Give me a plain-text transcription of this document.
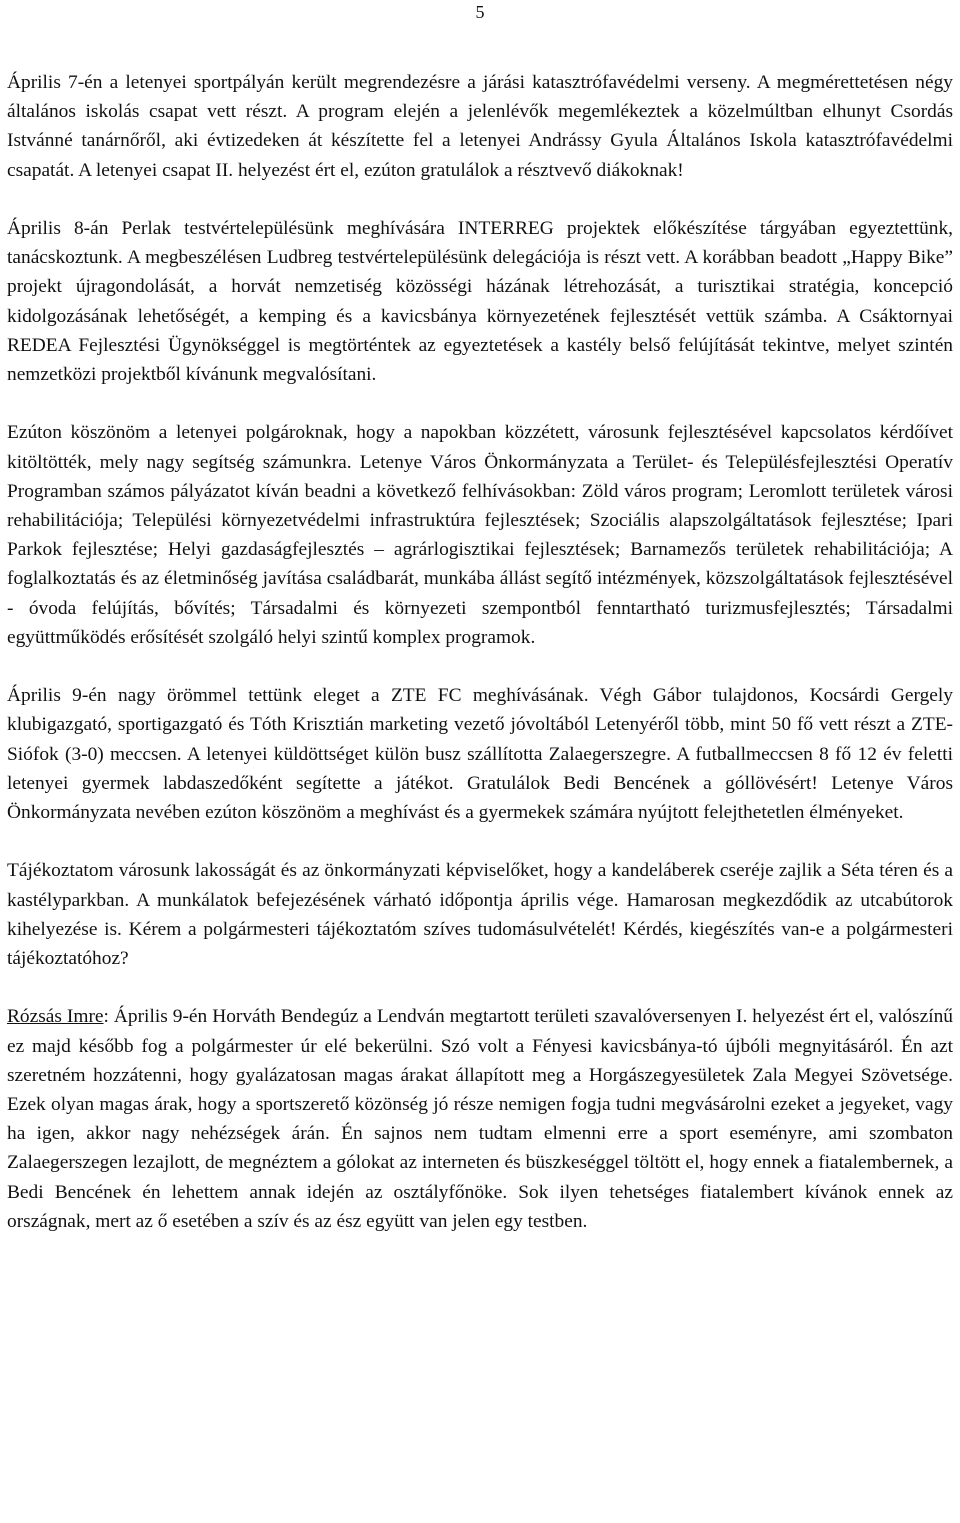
5

Április 7-én a letenyei sportpályán került megrendezésre a járási katasztrófavédelmi verseny. A megmérettetésen négy általános iskolás csapat vett részt. A program elején a jelenlévők megemlékeztek a közelmúltban elhunyt Csordás Istvánné tanárnőről, aki évtizedeken át készítette fel a letenyei Andrássy Gyula Általános Iskola katasztrófavédelmi csapatát. A letenyei csapat II. helyezést ért el, ezúton gratulálok a résztvevő diákoknak!

Április 8-án Perlak testvértelepülésünk meghívására INTERREG projektek előkészítése tárgyában egyeztettünk, tanácskoztunk. A megbeszélésen Ludbreg testvértelepülésünk delegációja is részt vett. A korábban beadott „Happy Bike” projekt újragondolását, a horvát nemzetiség közösségi házának létrehozását, a turisztikai stratégia, koncepció kidolgozásának lehetőségét, a kemping és a kavicsbánya környezetének fejlesztését vettük számba. A Csáktornyai REDEA Fejlesztési Ügynökséggel is megtörténtek az egyeztetések a kastély belső felújítását tekintve, melyet szintén nemzetközi projektből kívánunk megvalósítani.

Ezúton köszönöm a letenyei polgároknak, hogy a napokban közzétett, városunk fejlesztésével kapcsolatos kérdőívet kitöltötték, mely nagy segítség számunkra. Letenye Város Önkormányzata a Terület- és Településfejlesztési Operatív Programban számos pályázatot kíván beadni a következő felhívásokban: Zöld város program; Leromlott területek városi rehabilitációja; Települési környezetvédelmi infrastruktúra fejlesztések; Szociális alapszolgáltatások fejlesztése; Ipari Parkok fejlesztése; Helyi gazdaságfejlesztés – agrárlogisztikai fejlesztések; Barnamezős területek rehabilitációja; A foglalkoztatás és az életminőség javítása családbarát, munkába állást segítő intézmények, közszolgáltatások fejlesztésével - óvoda felújítás, bővítés; Társadalmi és környezeti szempontból fenntartható turizmusfejlesztés; Társadalmi együttműködés erősítését szolgáló helyi szintű komplex programok.

Április 9-én nagy örömmel tettünk eleget a ZTE FC meghívásának. Végh Gábor tulajdonos, Kocsárdi Gergely klubigazgató, sportigazgató és Tóth Krisztián marketing vezető jóvoltából Letenyéről több, mint 50 fő vett részt a ZTE-Siófok (3-0) meccsen. A letenyei küldöttséget külön busz szállította Zalaegerszegre. A futballmeccsen 8 fő 12 év feletti letenyei gyermek labdaszedőként segítette a játékot. Gratulálok Bedi Bencének a góllövésért! Letenye Város Önkormányzata nevében ezúton köszönöm a meghívást és a gyermekek számára nyújtott felejthetetlen élményeket.

Tájékoztatom városunk lakosságát és az önkormányzati képviselőket, hogy a kandeláberek cseréje zajlik a Séta téren és a kastélyparkban. A munkálatok befejezésének várható időpontja április vége. Hamarosan megkezdődik az utcabútorok kihelyezése is. Kérem a polgármesteri tájékoztatóm szíves tudomásulvételét! Kérdés, kiegészítés van-e a polgármesteri tájékoztatóhoz?

Rózsás Imre: Április 9-én Horváth Bendegúz a Lendván megtartott területi szavalóversenyen I. helyezést ért el, valószínű ez majd később fog a polgármester úr elé bekerülni. Szó volt a Fényesi kavicsbánya-tó újbóli megnyitásáról. Én azt szeretném hozzátenni, hogy gyalázatosan magas árakat állapított meg a Horgászegyesületek Zala Megyei Szövetsége. Ezek olyan magas árak, hogy a sportszerető közönség jó része nemigen fogja tudni megvásárolni ezeket a jegyeket, vagy ha igen, akkor nagy nehézségek árán. Én sajnos nem tudtam elmenni erre a sport eseményre, ami szombaton Zalaegerszegen lezajlott, de megnéztem a gólokat az interneten és büszkeséggel töltött el, hogy ennek a fiatalembernek, a Bedi Bencének én lehettem annak idején az osztályfőnöke. Sok ilyen tehetséges fiatalembert kívánok ennek az országnak, mert az ő esetében a szív és az ész együtt van jelen egy testben.
